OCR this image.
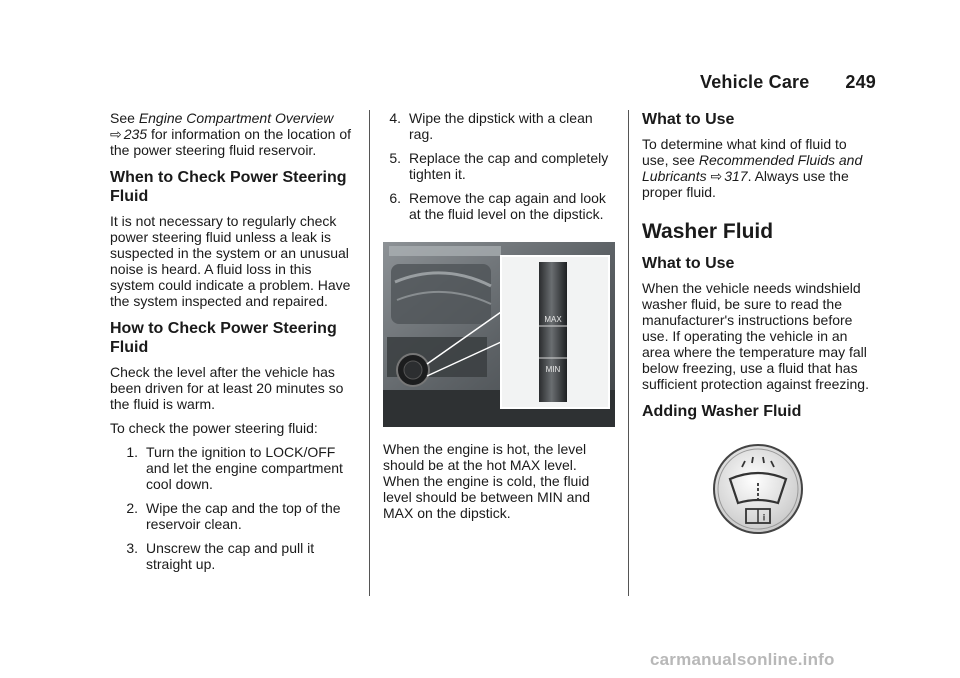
Vehicle Care 249

See Engine Compartment Overview
⇨ 235 for information on the location of the power steering fluid reservoir.

When to Check Power Steering Fluid

It is not necessary to regularly check power steering fluid unless a leak is suspected in the system or an unusual noise is heard. A fluid loss in this system could indicate a problem. Have the system inspected and repaired.

How to Check Power Steering Fluid

Check the level after the vehicle has been driven for at least 20 minutes so the fluid is warm.

To check the power steering fluid:

1. Turn the ignition to LOCK/OFF and let the engine compartment cool down.
2. Wipe the cap and the top of the reservoir clean.
3. Unscrew the cap and pull it straight up.
4. Wipe the dipstick with a clean rag.
5. Replace the cap and completely tighten it.
6. Remove the cap again and look at the fluid level on the dipstick.
MAX
MIN

When the engine is hot, the level should be at the hot MAX level. When the engine is cold, the fluid level should be between MIN and MAX on the dipstick.

What to Use

To determine what kind of fluid to use, see Recommended Fluids and Lubricants ⇨ 317. Always use the proper fluid.

Washer Fluid
What to Use

When the vehicle needs windshield washer fluid, be sure to read the manufacturer's instructions before use. If operating the vehicle in an area where the temperature may fall below freezing, use a fluid that has sufficient protection against freezing.

Adding Washer Fluid
i
carmanualsonline.info
